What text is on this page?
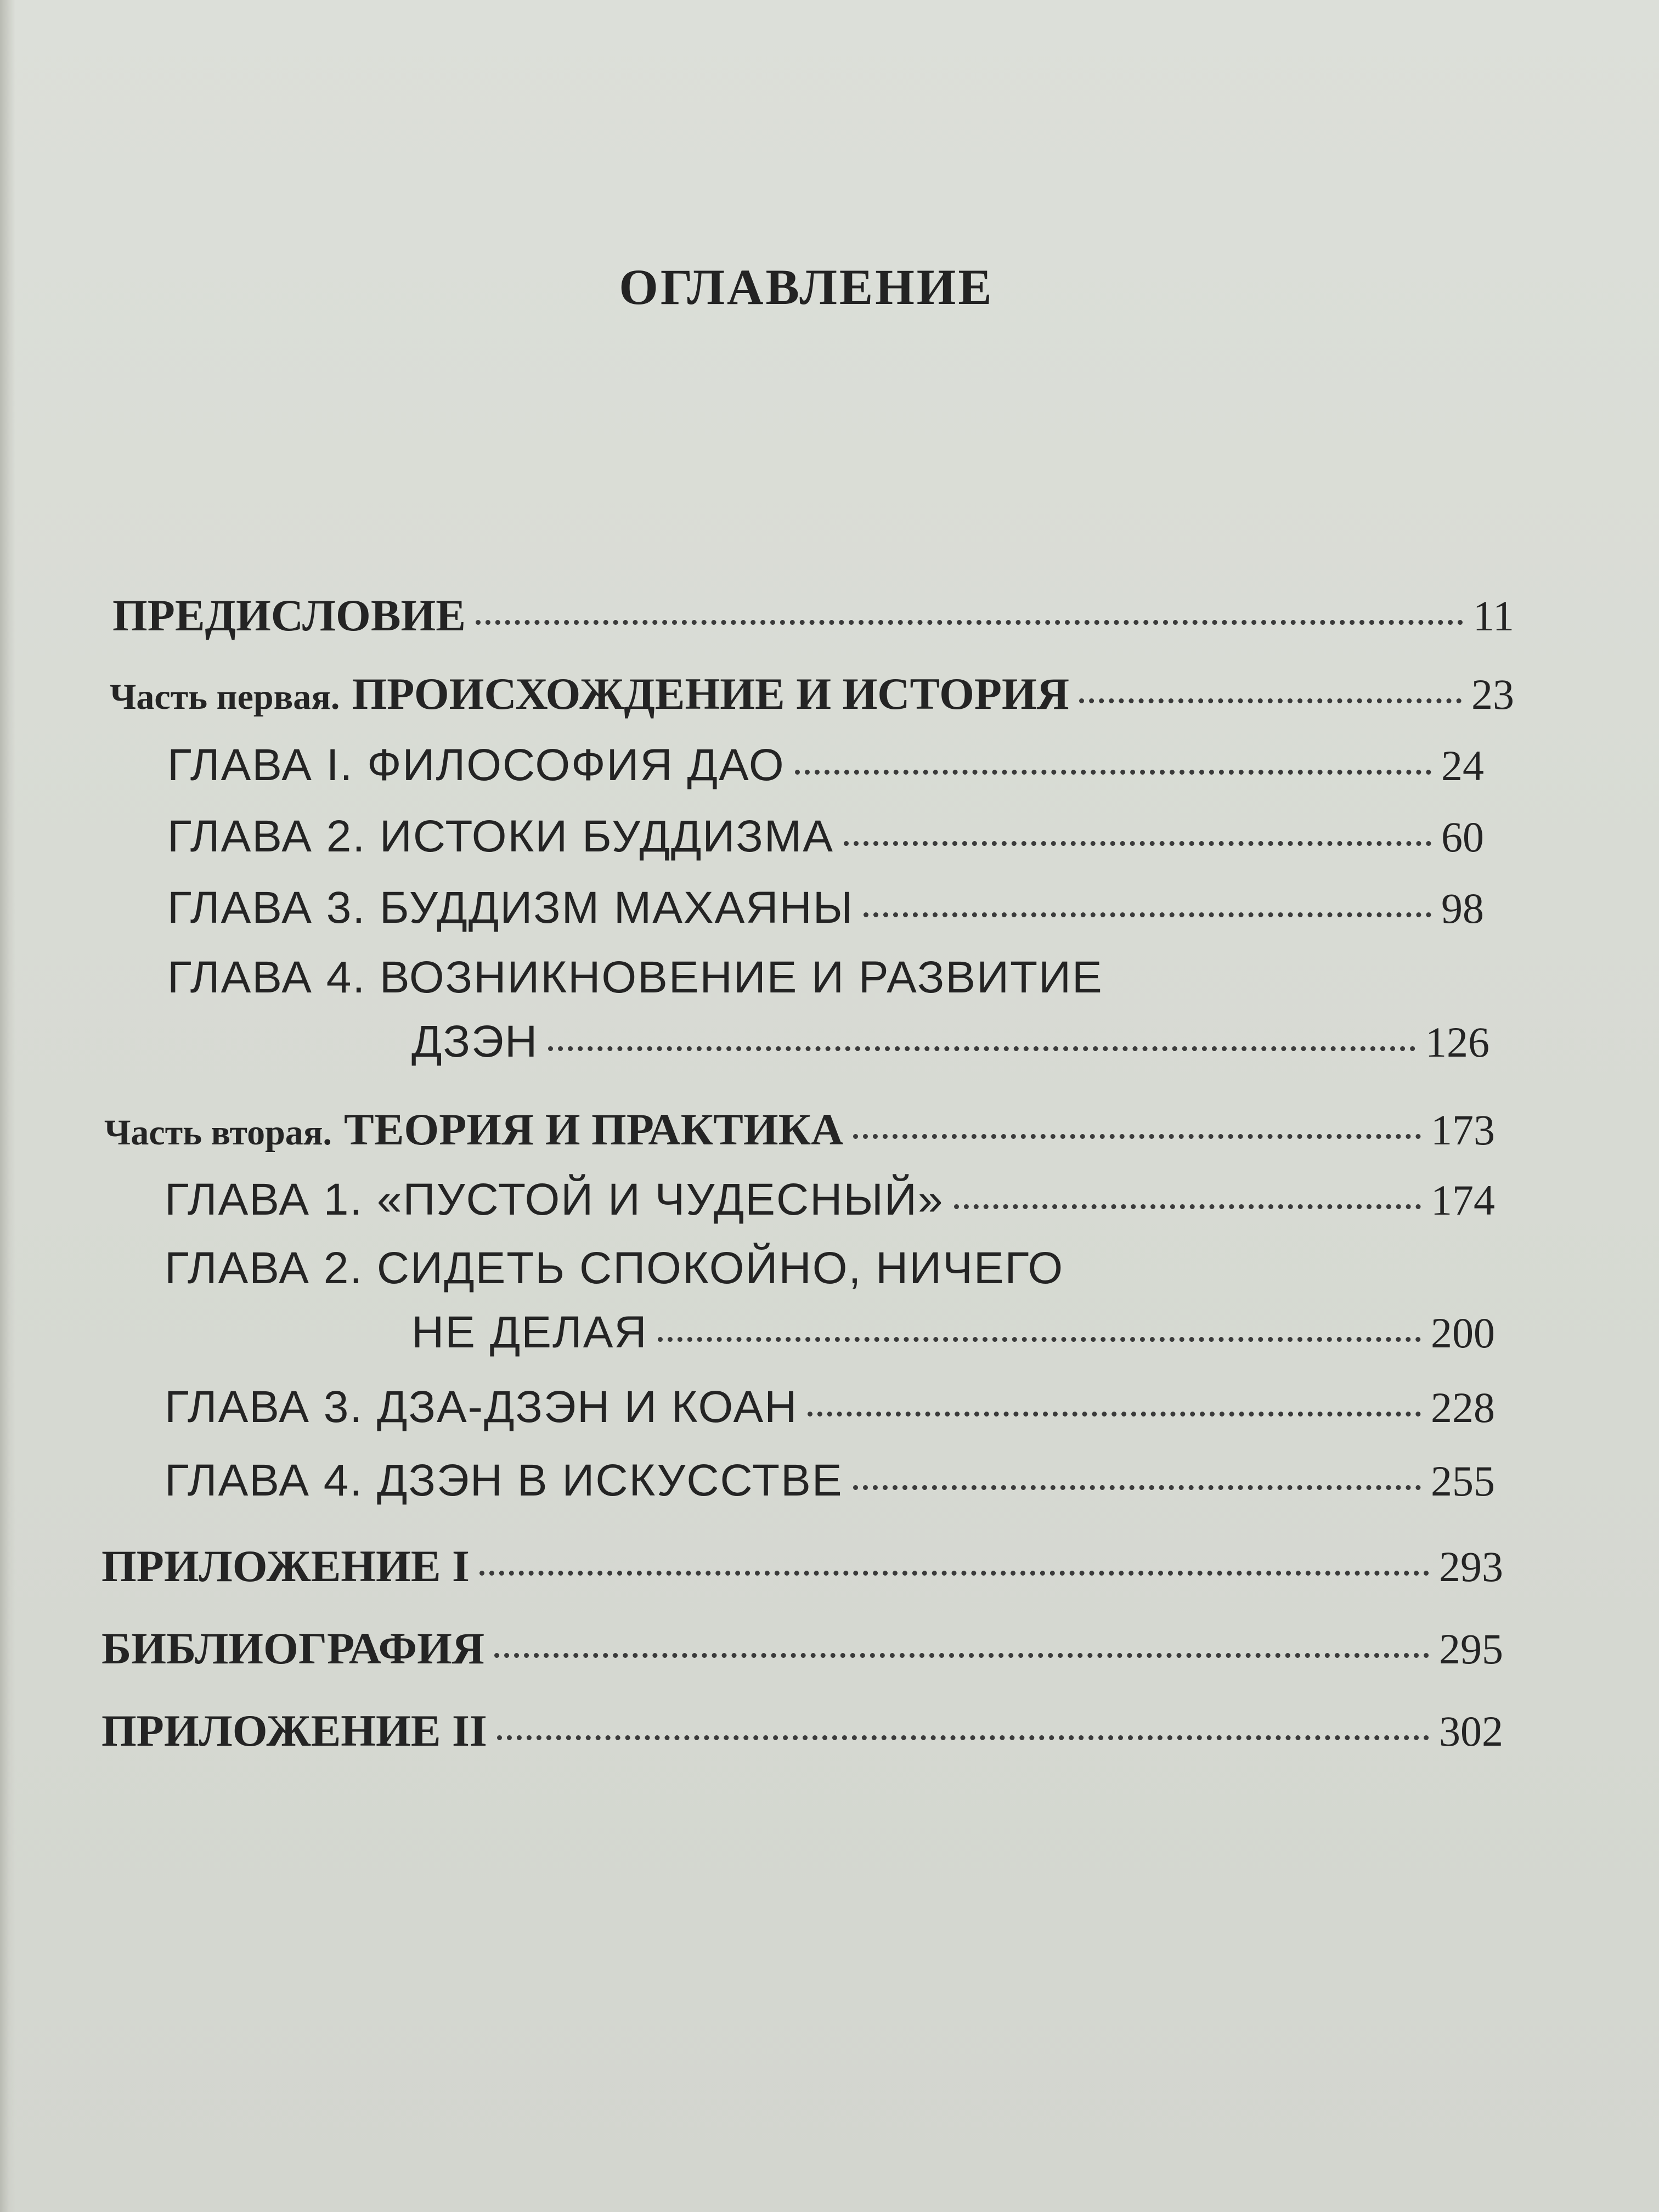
ОГЛАВЛЕНИЕ
ПРЕДИСЛОВИЕ	11
Часть первая. ПРОИСХОЖДЕНИЕ И ИСТОРИЯ	23
ГЛАВА I. ФИЛОСОФИЯ ДАО	24
ГЛАВА 2. ИСТОКИ БУДДИЗМА	60
ГЛАВА 3. БУДДИЗМ МАХАЯНЫ	98
ГЛАВА 4. ВОЗНИКНОВЕНИЕ И РАЗВИТИЕ
ДЗЭН	126
Часть вторая. ТЕОРИЯ И ПРАКТИКА	173
ГЛАВА 1. «ПУСТОЙ И ЧУДЕСНЫЙ»	174
ГЛАВА 2. СИДЕТЬ СПОКОЙНО, НИЧЕГО
НЕ ДЕЛАЯ	200
ГЛАВА 3. ДЗА-ДЗЭН И КОАН	228
ГЛАВА 4. ДЗЭН В ИСКУССТВЕ	255
ПРИЛОЖЕНИЕ I	293
БИБЛИОГРАФИЯ	295
ПРИЛОЖЕНИЕ II	302
